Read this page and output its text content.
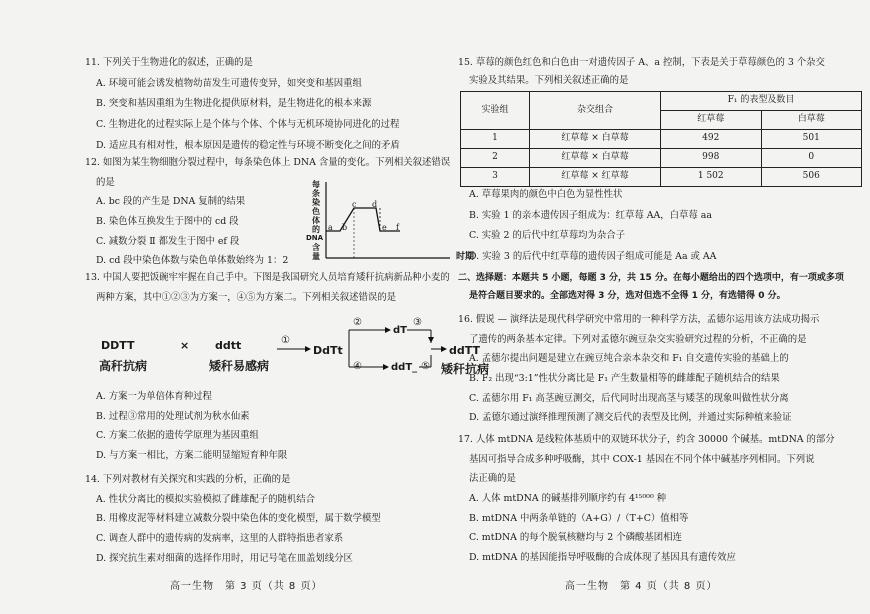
11. 下列关于生物进化的叙述，正确的是
A. 环境可能会诱发植物幼苗发生可遗传变异，如突变和基因重组
B. 突变和基因重组为生物进化提供原材料，是生物进化的根本来源
C. 生物进化的过程实际上是个体与个体、个体与无机环境协同进化的过程
D. 适应具有相对性，根本原因是遗传的稳定性与环境不断变化之间的矛盾
12. 如图为某生物细胞分裂过程中，每条染色体上 DNA 含量的变化。下列相关叙述错误
的是
A. bc 段的产生是 DNA 复制的结果
B. 染色体互换发生于图中的 cd 段
C. 减数分裂 Ⅱ 都发生于图中 ef 段
D. cd 段中染色体数与染色单体数始终为 1：2
每
条
染
色
体
的
DNA
含
量
a b
c d
e f
时期
13. 中国人要把饭碗牢牢握在自己手中。下图是我国研究人员培育矮秆抗病新品种小麦的
两种方案，其中①②③为方案一，④⑤为方案二。下列相关叙述错误的是
DDTT	× ddtt
高秆抗病	矮秆易感病
①
DdTt
②
dT
③
④	ddT_ ⑤
ddTT
矮秆抗病
A. 方案一为单倍体育种过程
B. 过程③常用的处理试剂为秋水仙素
C. 方案二依据的遗传学原理为基因重组
D. 与方案一相比，方案二能明显缩短育种年限
14. 下列对教材有关探究和实践的分析，正确的是
A. 性状分离比的模拟实验模拟了雌雄配子的随机结合
B. 用橡皮泥等材料建立减数分裂中染色体的变化模型，属于数学模型
C. 调查人群中的遗传病的发病率，这里的人群特指患者家系
D. 探究抗生素对细菌的选择作用时，用记号笔在皿盖划线分区
高一生物　第 3 页（共 8 页）
15. 草莓的颜色红色和白色由一对遗传因子 A、a 控制，下表是关于草莓颜色的 3 个杂交
实验及其结果。下列相关叙述正确的是
实验组	杂交组合	F₁ 的表型及数目	
		红草莓	白草莓
1	红草莓 × 白草莓	492	501
2	红草莓 × 白草莓	998	0
3	红草莓 × 红草莓	1 502	506
A. 草莓果肉的颜色中白色为显性性状
B. 实验 1 的亲本遗传因子组成为：红草莓 AA，白草莓 aa
C. 实验 2 的后代中红草莓均为杂合子
D. 实验 3 的后代中红草莓的遗传因子组成可能是 Aa 或 AA
二、选择题：本题共 5 小题，每题 3 分，共 15 分。在每小题给出的四个选项中，有一项或多项
是符合题目要求的。全部选对得 3 分，选对但选不全得 1 分，有选错得 0 分。
16. 假说 — 演绎法是现代科学研究中常用的一种科学方法，孟德尔运用该方法成功揭示
了遗传的两条基本定律。下列对孟德尔豌豆杂交实验研究过程的分析，不正确的是
A. 孟德尔提出问题是建立在豌豆纯合亲本杂交和 F₁ 自交遗传实验的基础上的
B. F₂ 出现“3:1”性状分离比是 F₁ 产生数量相等的雌雄配子随机结合的结果
C. 孟德尔用 F₁ 高茎豌豆测交，后代同时出现高茎与矮茎的现象叫做性状分离
D. 孟德尔通过演绎推理预测了测交后代的表型及比例，并通过实际种植来验证
17. 人体 mtDNA 是线粒体基质中的双链环状分子，约含 30000 个碱基。mtDNA 的部分
基因可指导合成多种呼吸酶，其中 COX-1 基因在不同个体中碱基序列相同。下列说
法正确的是
A. 人体 mtDNA 的碱基排列顺序约有 4¹⁵⁰⁰⁰ 种
B. mtDNA 中两条单链的（A+G）/（T+C）值相等
C. mtDNA 的每个脱氧核糖均与 2 个磷酸基团相连
D. mtDNA 的基因能指导呼吸酶的合成体现了基因具有遗传效应
高一生物　第 4 页（共 8 页）
